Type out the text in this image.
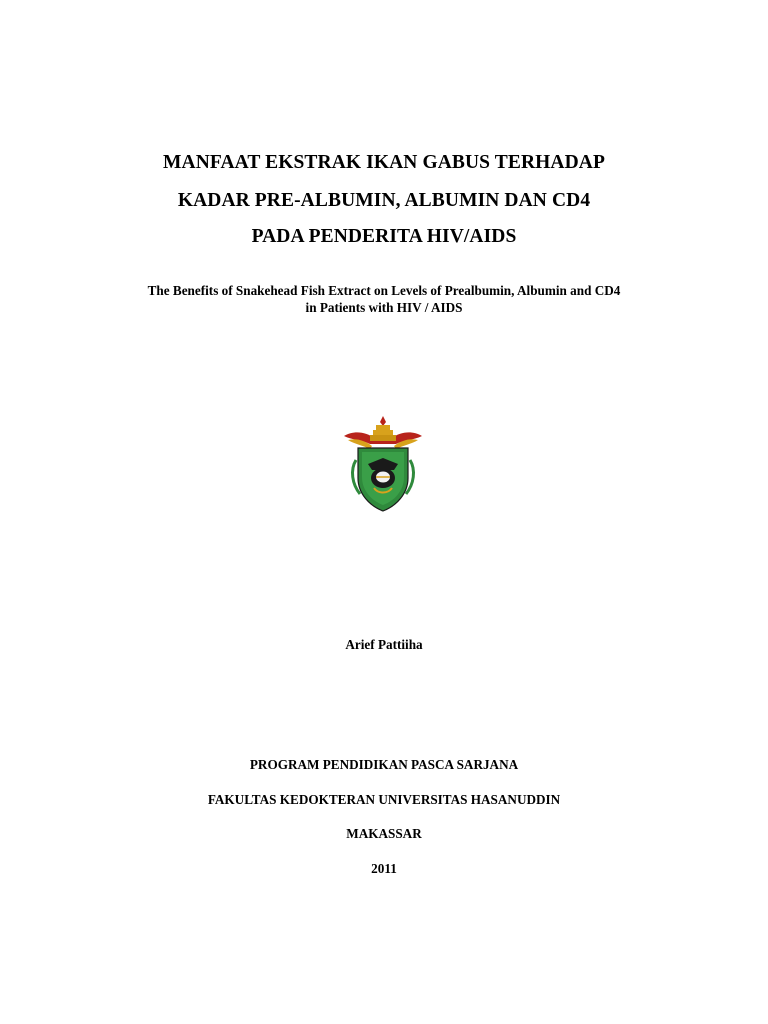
MANFAAT EKSTRAK IKAN GABUS TERHADAP
KADAR PRE-ALBUMIN, ALBUMIN DAN CD4
PADA PENDERITA HIV/AIDS
The Benefits of Snakehead Fish Extract on Levels of Prealbumin, Albumin and CD4
in Patients with HIV / AIDS
Arief Pattiiha
PROGRAM PENDIDIKAN PASCA SARJANA
FAKULTAS KEDOKTERAN UNIVERSITAS HASANUDDIN
MAKASSAR
2011
